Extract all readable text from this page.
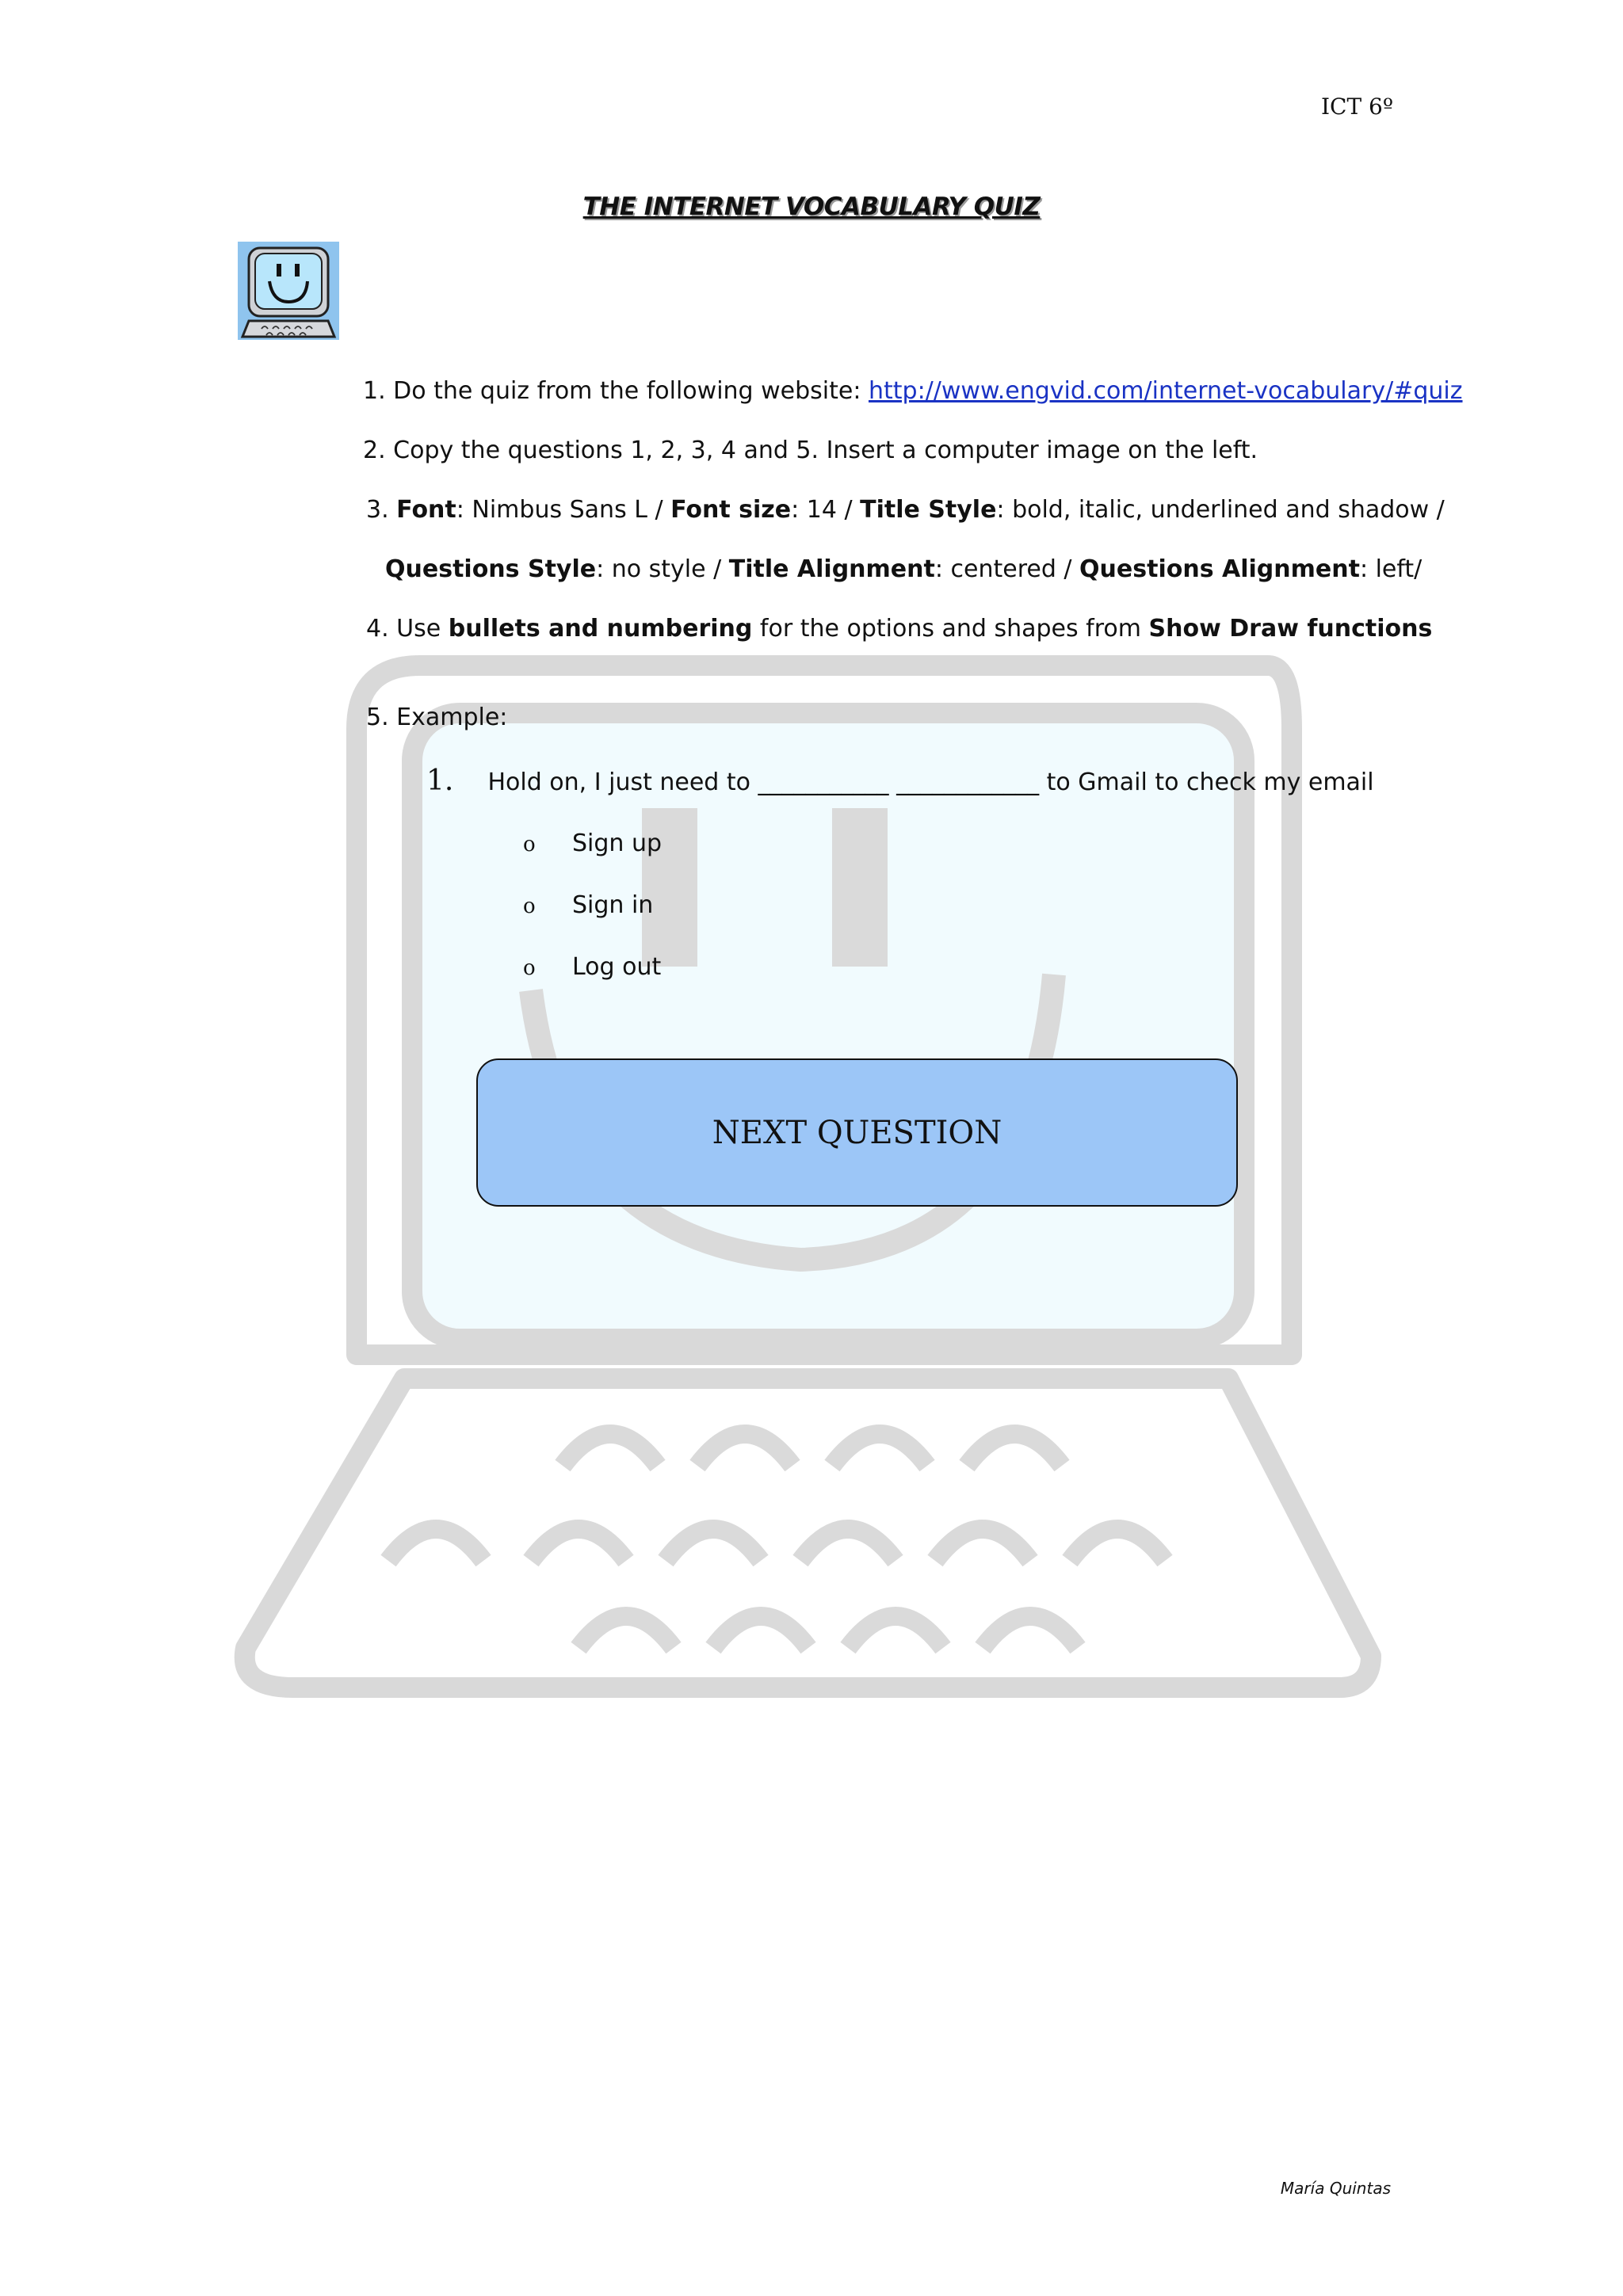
ICT 6º
THE INTERNET VOCABULARY QUIZ
1. Do the quiz from the following website: http://www.engvid.com/internet-vocabulary/#quiz
2. Copy the questions 1, 2, 3, 4 and 5. Insert a computer image on the left.
3. Font: Nimbus Sans L / Font size: 14 / Title Style: bold, italic, underlined and shadow /
Questions Style: no style / Title Alignment: centered / Questions Alignment: left/
4. Use bullets and numbering for the options and shapes from Show Draw functions
5. Example:
1. Hold on, I just need to ___________ ____________ to Gmail to check my email
o Sign up
o Sign in
o Log out
NEXT QUESTION
María Quintas
